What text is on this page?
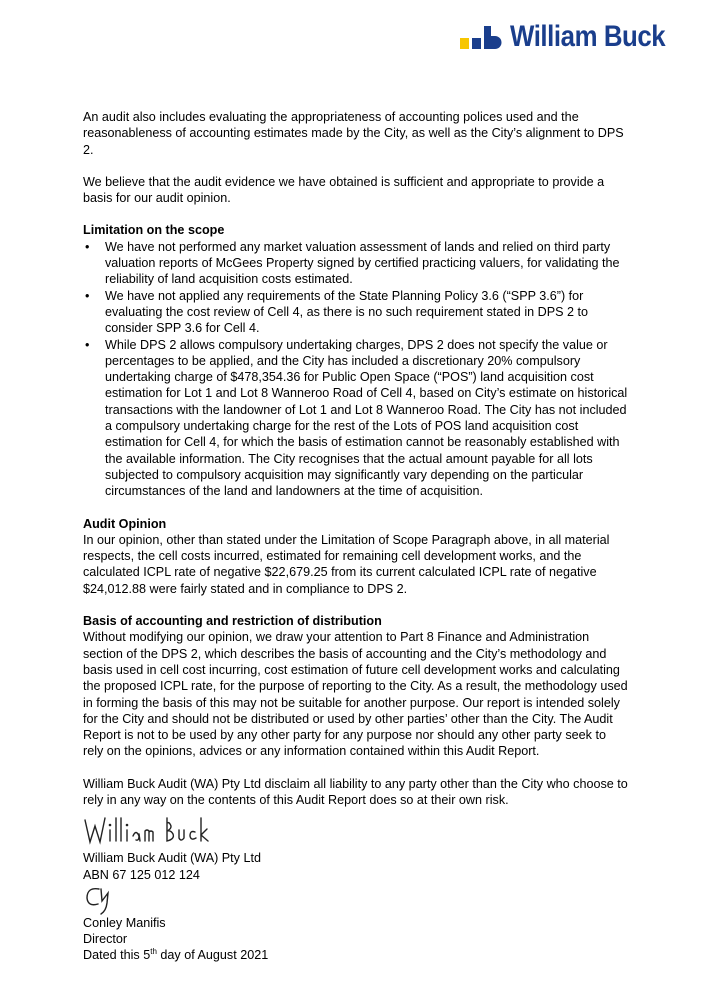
William Buck

An audit also includes evaluating the appropriateness of accounting polices used and the reasonableness of accounting estimates made by the City, as well as the City’s alignment to DPS 2.

We believe that the audit evidence we have obtained is sufficient and appropriate to provide a basis for our audit opinion.

Limitation on the scope

• We have not performed any market valuation assessment of lands and relied on third party valuation reports of McGees Property signed by certified practicing valuers, for validating the reliability of land acquisition costs estimated.
• We have not applied any requirements of the State Planning Policy 3.6 (“SPP 3.6”) for evaluating the cost review of Cell 4, as there is no such requirement stated in DPS 2 to consider SPP 3.6 for Cell 4.
• While DPS 2 allows compulsory undertaking charges, DPS 2 does not specify the value or percentages to be applied, and the City has included a discretionary 20% compulsory undertaking charge of $478,354.36 for Public Open Space (“POS”) land acquisition cost estimation for Lot 1 and Lot 8 Wanneroo Road of Cell 4, based on City’s estimate on historical transactions with the landowner of Lot 1 and Lot 8 Wanneroo Road. The City has not included a compulsory undertaking charge for the rest of the Lots of POS land acquisition cost estimation for Cell 4, for which the basis of estimation cannot be reasonably established with the available information. The City recognises that the actual amount payable for all lots subjected to compulsory acquisition may significantly vary depending on the particular circumstances of the land and landowners at the time of acquisition.

Audit Opinion

In our opinion, other than stated under the Limitation of Scope Paragraph above, in all material respects, the cell costs incurred, estimated for remaining cell development works, and the calculated ICPL rate of negative $22,679.25 from its current calculated ICPL rate of negative $24,012.88 were fairly stated and in compliance to DPS 2.

Basis of accounting and restriction of distribution

Without modifying our opinion, we draw your attention to Part 8 Finance and Administration section of the DPS 2, which describes the basis of accounting and the City’s methodology and basis used in cell cost incurring, cost estimation of future cell development works and calculating the proposed ICPL rate, for the purpose of reporting to the City. As a result, the methodology used in forming the basis of this may not be suitable for another purpose. Our report is intended solely for the City and should not be distributed or used by other parties’ other than the City. The Audit Report is not to be used by any other party for any purpose nor should any other party seek to rely on the opinions, advices or any information contained within this Audit Report.

William Buck Audit (WA) Pty Ltd disclaim all liability to any party other than the City who choose to rely in any way on the contents of this Audit Report does so at their own risk.

William Buck Audit (WA) Pty Ltd

ABN 67 125 012 124

Conley Manifis

Director

Dated this 5th day of August 2021
